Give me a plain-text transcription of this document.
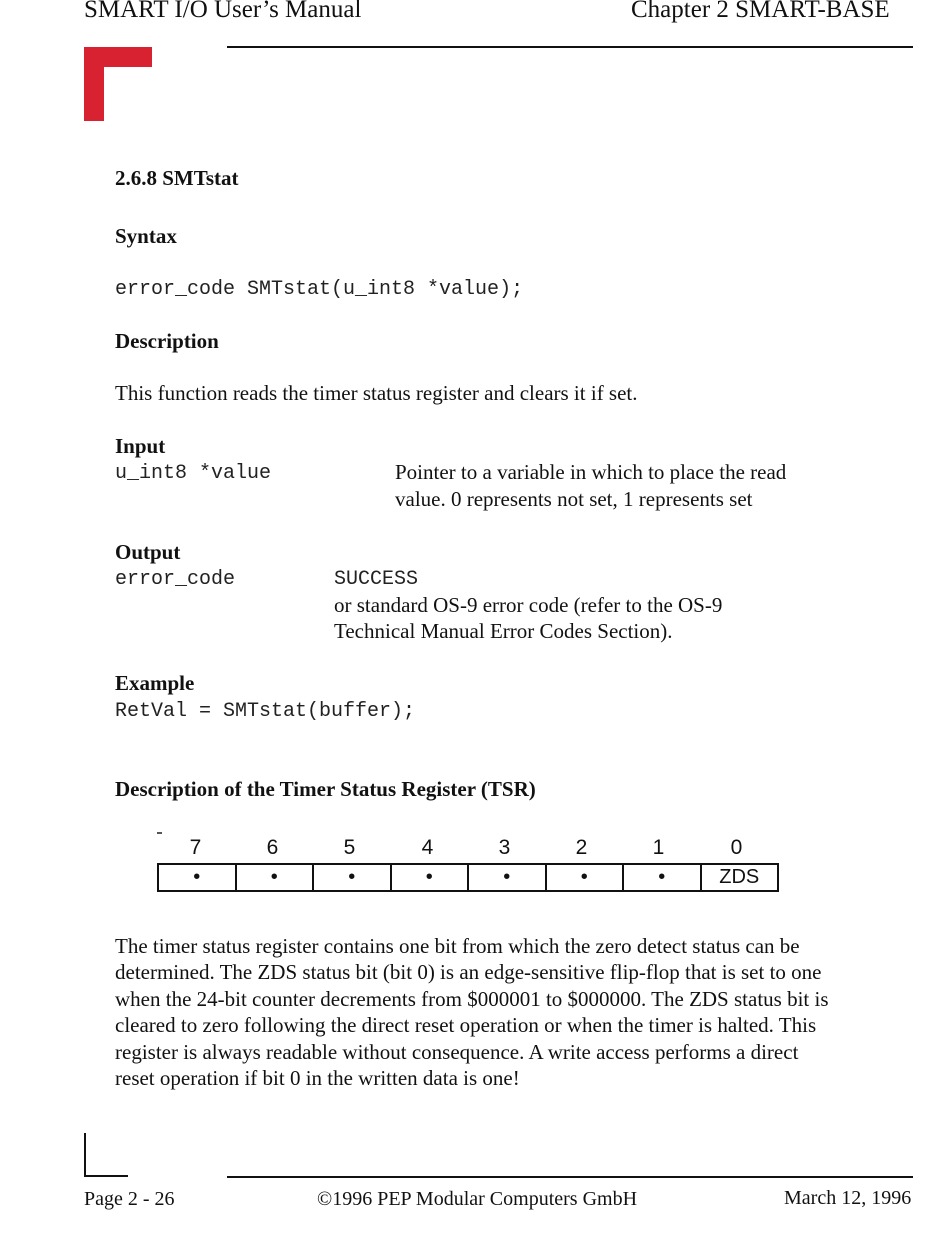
SMART I/O User’s Manual	Chapter 2 SMART-BASE
2.6.8 SMTstat
Syntax
error_code SMTstat(u_int8 *value);
Description
This function reads the timer status register and clears it if set.
Input
u_int8 *value	Pointer to a variable in which to place the read
value. 0 represents not set, 1 represents set
Output
error_code	SUCCESS
or standard OS-9 error code (refer to the OS-9
Technical Manual Error Codes Section).
Example
RetVal = SMTstat(buffer);
Description of the Timer Status Register (TSR)
7	6	5	4	3	2	1	0
•	•	•	•	•	•	•	ZDS
The timer status register contains one bit from which the zero detect status can be determined. The ZDS status bit (bit 0) is an edge-sensitive flip-flop that is set to one when the 24-bit counter decrements from $000001 to $000000. The ZDS status bit is cleared to zero following the direct reset operation or when the timer is halted. This register is always readable without consequence. A write access performs a direct reset operation if bit 0 in the written data is one!
Page 2 - 26	©1996 PEP Modular Computers GmbH	March 12, 1996
